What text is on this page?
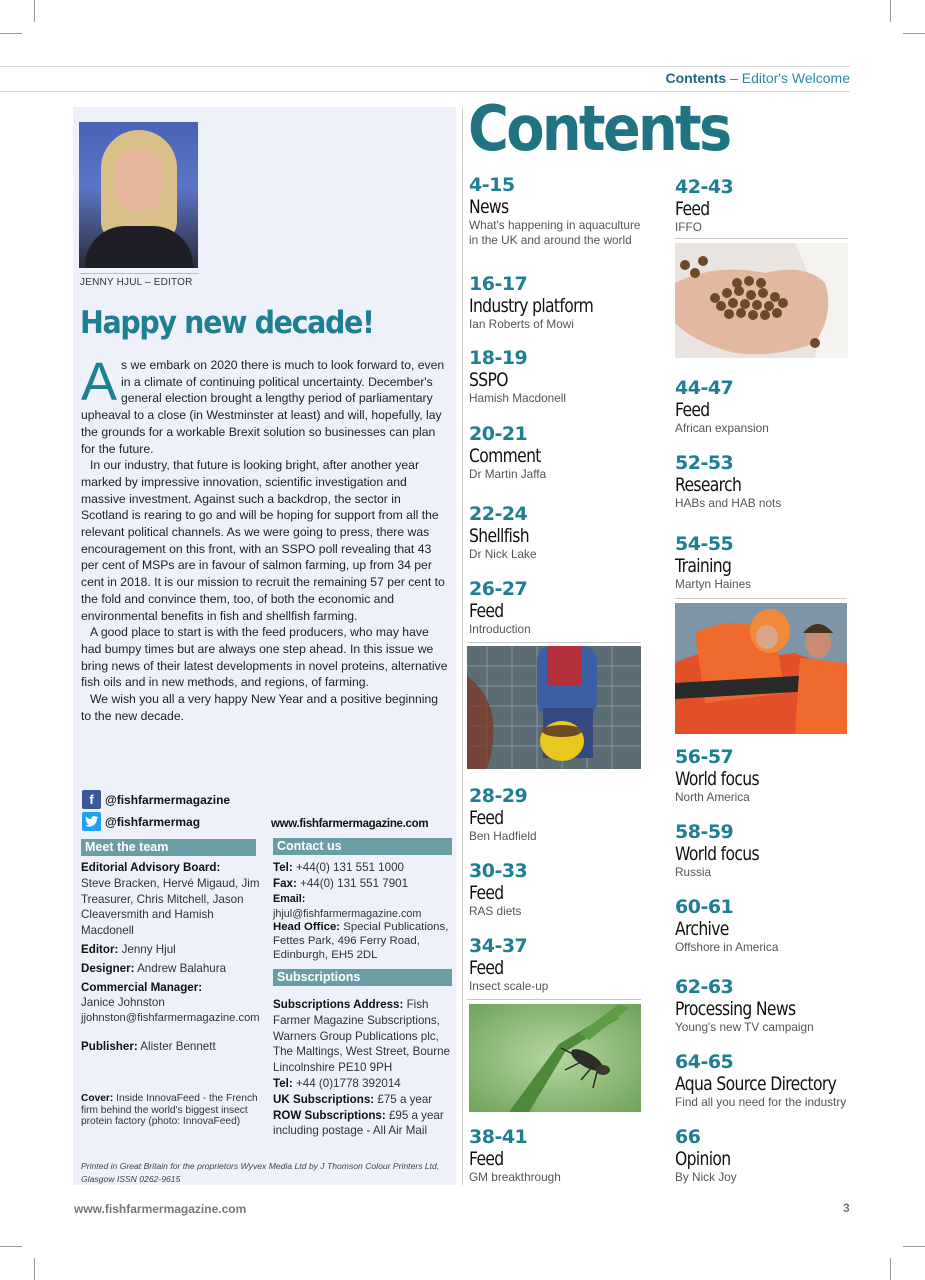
Contents – Editor's Welcome
JENNY HJUL – EDITOR
Happy new decade!

As we embark on 2020 there is much to look forward to, even in a climate of continuing political uncertainty. December's general election brought a lengthy period of parliamentary upheaval to a close (in Westminster at least) and will, hopefully, lay the grounds for a workable Brexit solution so businesses can plan for the future.

In our industry, that future is looking bright, after another year marked by impressive innovation, scientific investigation and massive investment. Against such a backdrop, the sector in Scotland is rearing to go and will be hoping for support from all the relevant political channels. As we were going to press, there was encouragement on this front, with an SSPO poll revealing that 43 per cent of MSPs are in favour of salmon farming, up from 34 per cent in 2018. It is our mission to recruit the remaining 57 per cent to the fold and convince them, too, of both the economic and environmental benefits in fish and shellfish farming.

A good place to start is with the feed producers, who may have had bumpy times but are always one step ahead. In this issue we bring news of their latest developments in novel proteins, alternative fish oils and in new methods, and regions, of farming.

We wish you all a very happy New Year and a positive beginning to the new decade.

f @fishfarmermagazine
@fishfarmermag	www.fishfarmermagazine.com
Meet the team

Editorial Advisory Board:

Steve Bracken, Hervé Migaud, Jim Treasurer, Chris Mitchell, Jason Cleaversmith and Hamish Macdonell

Editor: Jenny Hjul

Designer: Andrew Balahura

Commercial Manager:

Janice Johnston

jjohnston@fishfarmermagazine.com

Publisher: Alister Bennett

Cover: Inside InnovaFeed - the French firm behind the world's biggest insect protein factory (photo: InnovaFeed)
Contact us

Tel: +44(0) 131 551 1000

Fax: +44(0) 131 551 7901

Email: jhjul@fishfarmermagazine.com

Head Office: Special Publications, Fettes Park, 496 Ferry Road, Edinburgh, EH5 2DL
Subscriptions

Subscriptions Address: Fish Farmer Magazine Subscriptions, Warners Group Publications plc, The Maltings, West Street, Bourne Lincolnshire PE10 9PH

Tel: +44 (0)1778 392014

UK Subscriptions: £75 a year

ROW Subscriptions: £95 a year including postage - All Air Mail

Printed in Great Britain for the proprietors Wyvex Media Ltd by J Thomson Colour Printers Ltd, Glasgow ISSN 0262-9615
Contents
4-15
News
What's happening in aquaculture in the UK and around the world
16-17
Industry platform
Ian Roberts of Mowi
18-19
SSPO
Hamish Macdonell
20-21
Comment
Dr Martin Jaffa
22-24
Shellfish
Dr Nick Lake
26-27
Feed
Introduction
28-29
Feed
Ben Hadfield
30-33
Feed
RAS diets
34-37
Feed
Insect scale-up
38-41
Feed
GM breakthrough
42-43
Feed
IFFO
44-47
Feed
African expansion
52-53
Research
HABs and HAB nots
54-55
Training
Martyn Haines
56-57
World focus
North America
58-59
World focus
Russia
60-61
Archive
Offshore in America
62-63
Processing News
Young's new TV campaign
64-65
Aqua Source Directory
Find all you need for the industry
66
Opinion
By Nick Joy
www.fishfarmermagazine.com	3
